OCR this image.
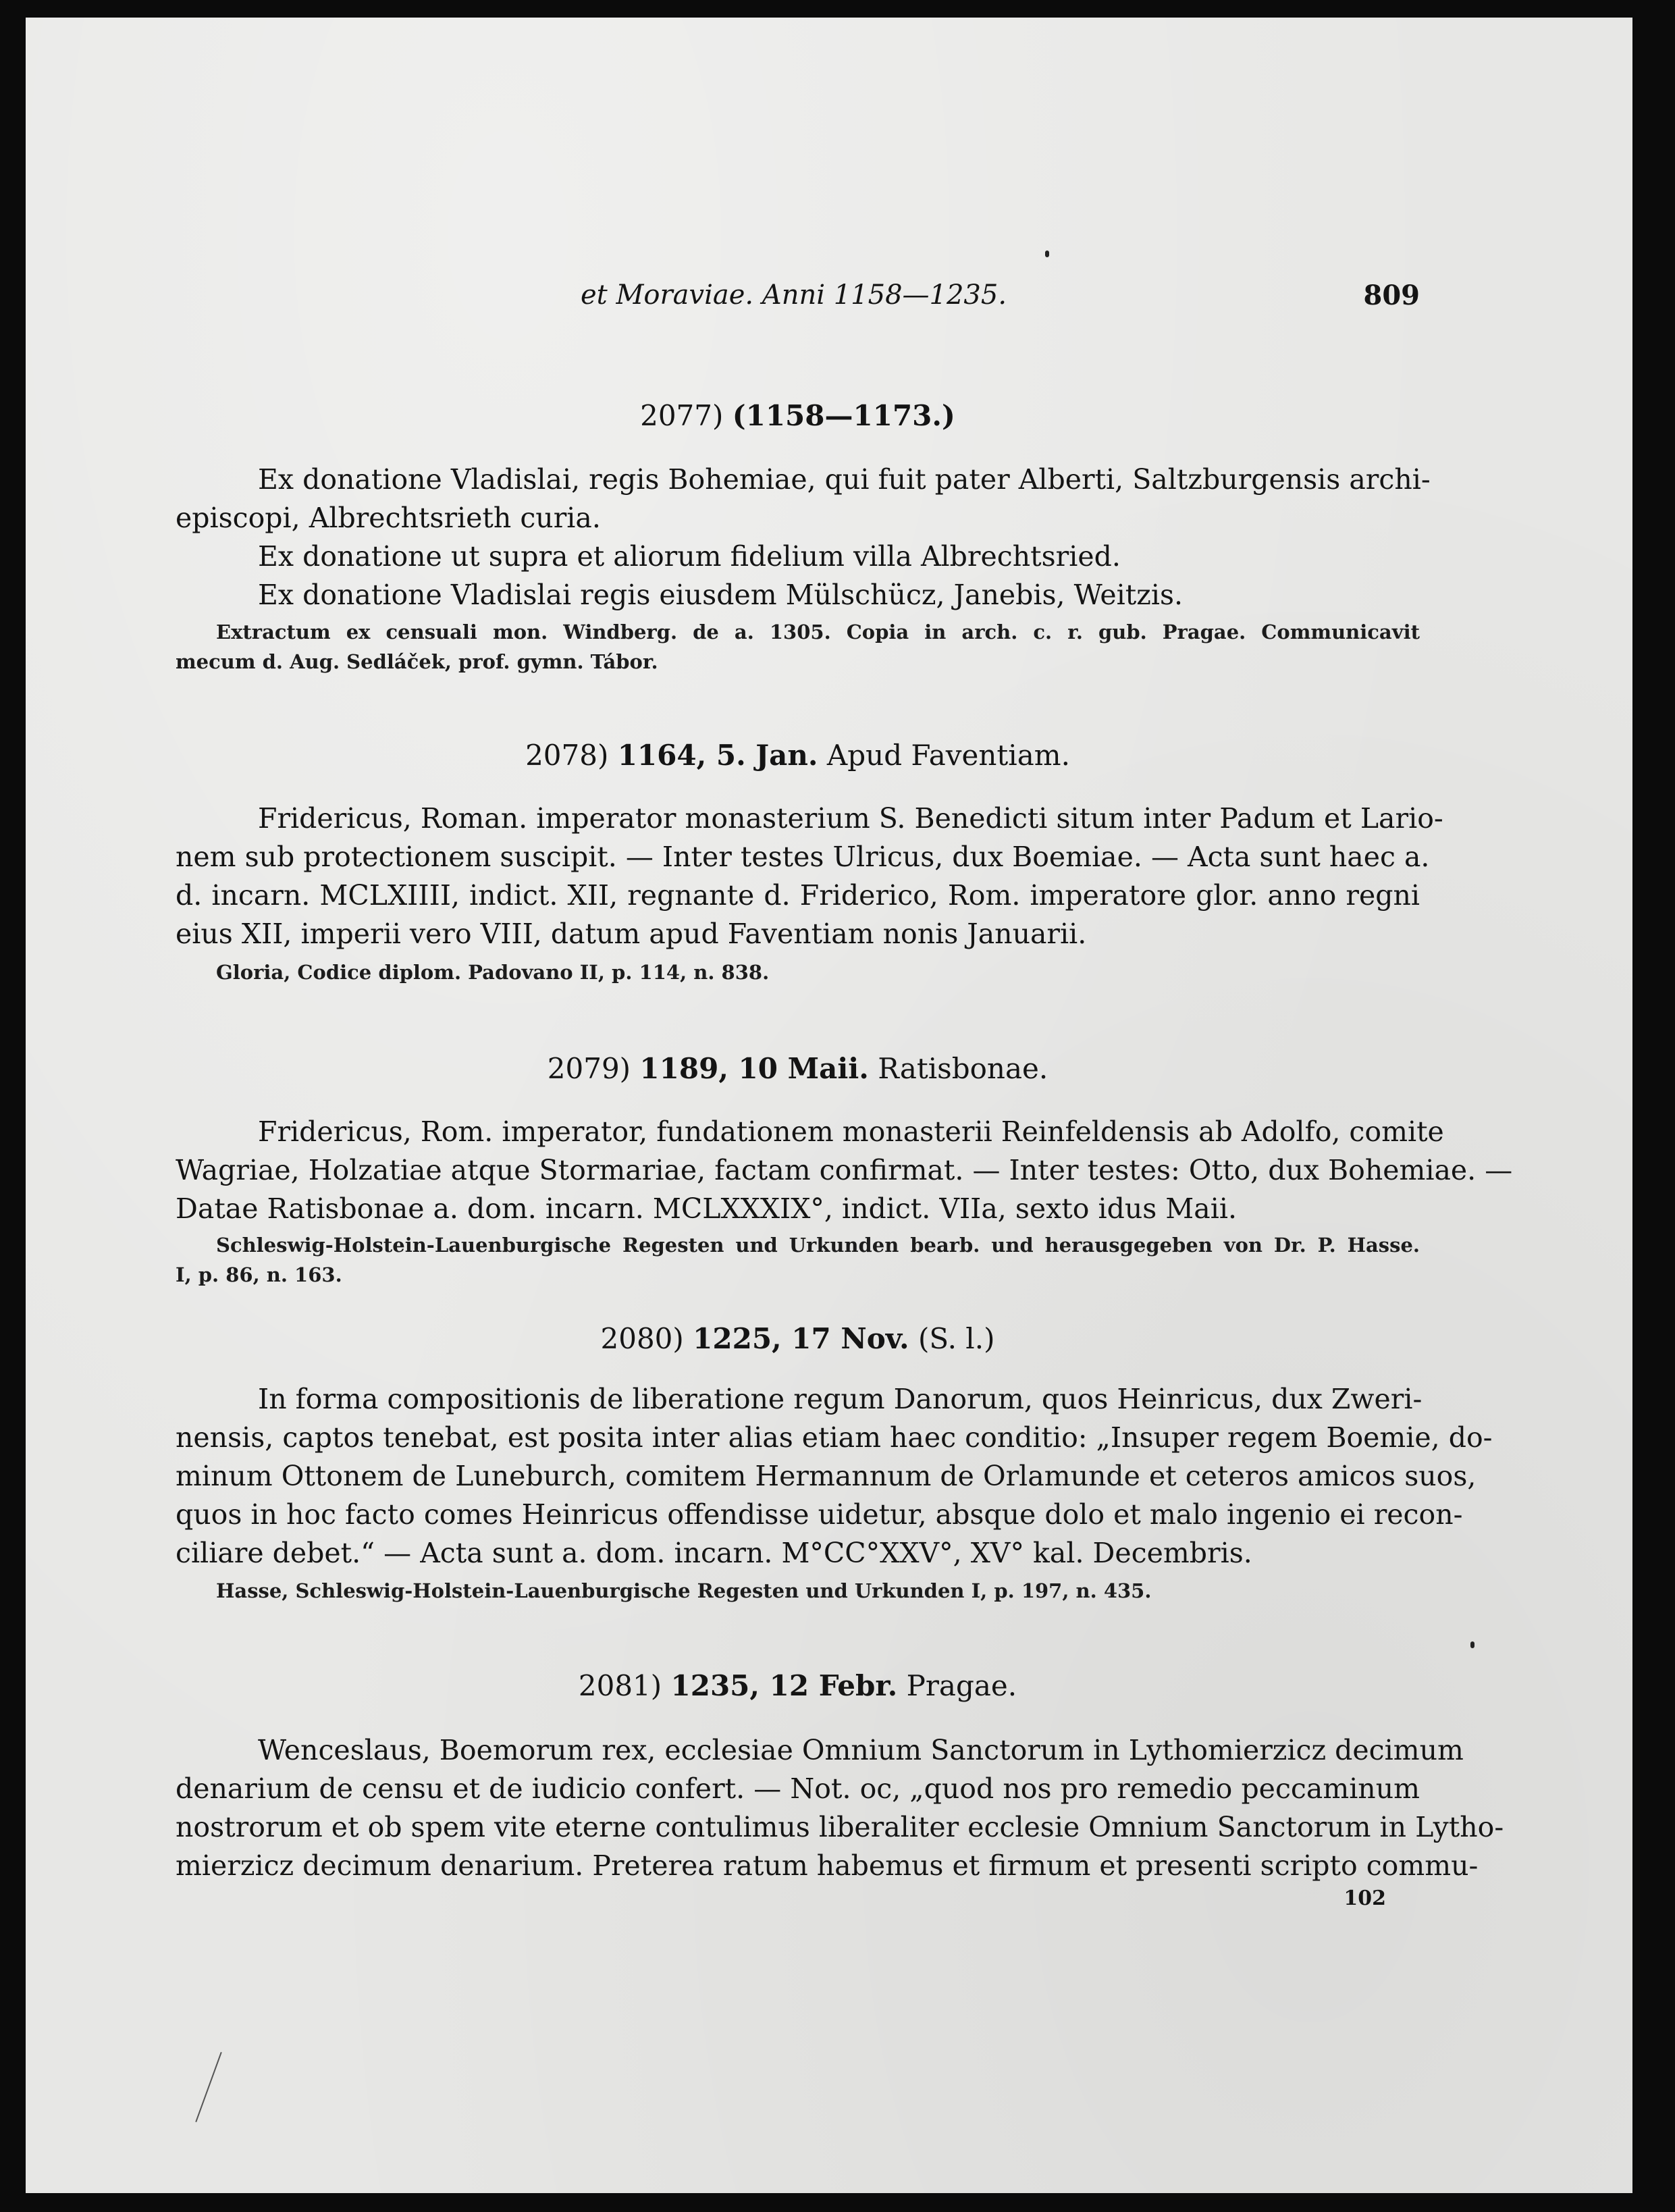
et Moraviae. Anni 1158—1235.	809
2077) (1158—1173.)
Ex donatione Vladislai, regis Bohemiae, qui fuit pater Alberti, Saltzburgensis archi-
episcopi, Albrechtsrieth curia.
Ex donatione ut supra et aliorum fidelium villa Albrechtsried.
Ex donatione Vladislai regis eiusdem Mülschücz, Janebis, Weitzis.
Extractum ex censuali mon. Windberg. de a. 1305. Copia in arch. c. r. gub. Pragae. Communicavit
mecum d. Aug. Sedláček, prof. gymn. Tábor.
2078) 1164, 5. Jan. Apud Faventiam.
Fridericus, Roman. imperator monasterium S. Benedicti situm inter Padum et Lario-
nem sub protectionem suscipit. — Inter testes Ulricus, dux Boemiae. — Acta sunt haec a.
d. incarn. MCLXIIII, indict. XII, regnante d. Friderico, Rom. imperatore glor. anno regni
eius XII, imperii vero VIII, datum apud Faventiam nonis Januarii.
Gloria, Codice diplom. Padovano II, p. 114, n. 838.
2079) 1189, 10 Maii. Ratisbonae.
Fridericus, Rom. imperator, fundationem monasterii Reinfeldensis ab Adolfo, comite
Wagriae, Holzatiae atque Stormariae, factam confirmat. — Inter testes: Otto, dux Bohemiae. —
Datae Ratisbonae a. dom. incarn. MCLXXXIX°, indict. VIIa, sexto idus Maii.
Schleswig-Holstein-Lauenburgische Regesten und Urkunden bearb. und herausgegeben von Dr. P. Hasse.
I, p. 86, n. 163.
2080) 1225, 17 Nov. (S. l.)
In forma compositionis de liberatione regum Danorum, quos Heinricus, dux Zweri-
nensis, captos tenebat, est posita inter alias etiam haec conditio: „Insuper regem Boemie, do-
minum Ottonem de Luneburch, comitem Hermannum de Orlamunde et ceteros amicos suos,
quos in hoc facto comes Heinricus offendisse uidetur, absque dolo et malo ingenio ei recon-
ciliare debet.“ — Acta sunt a. dom. incarn. M°CC°XXV°, XV° kal. Decembris.
Hasse, Schleswig-Holstein-Lauenburgische Regesten und Urkunden I, p. 197, n. 435.
2081) 1235, 12 Febr. Pragae.
Wenceslaus, Boemorum rex, ecclesiae Omnium Sanctorum in Lythomierzicz decimum
denarium de censu et de iudicio confert. — Not. oc, „quod nos pro remedio peccaminum
nostrorum et ob spem vite eterne contulimus liberaliter ecclesie Omnium Sanctorum in Lytho-
mierzicz decimum denarium. Preterea ratum habemus et firmum et presenti scripto commu-
102
